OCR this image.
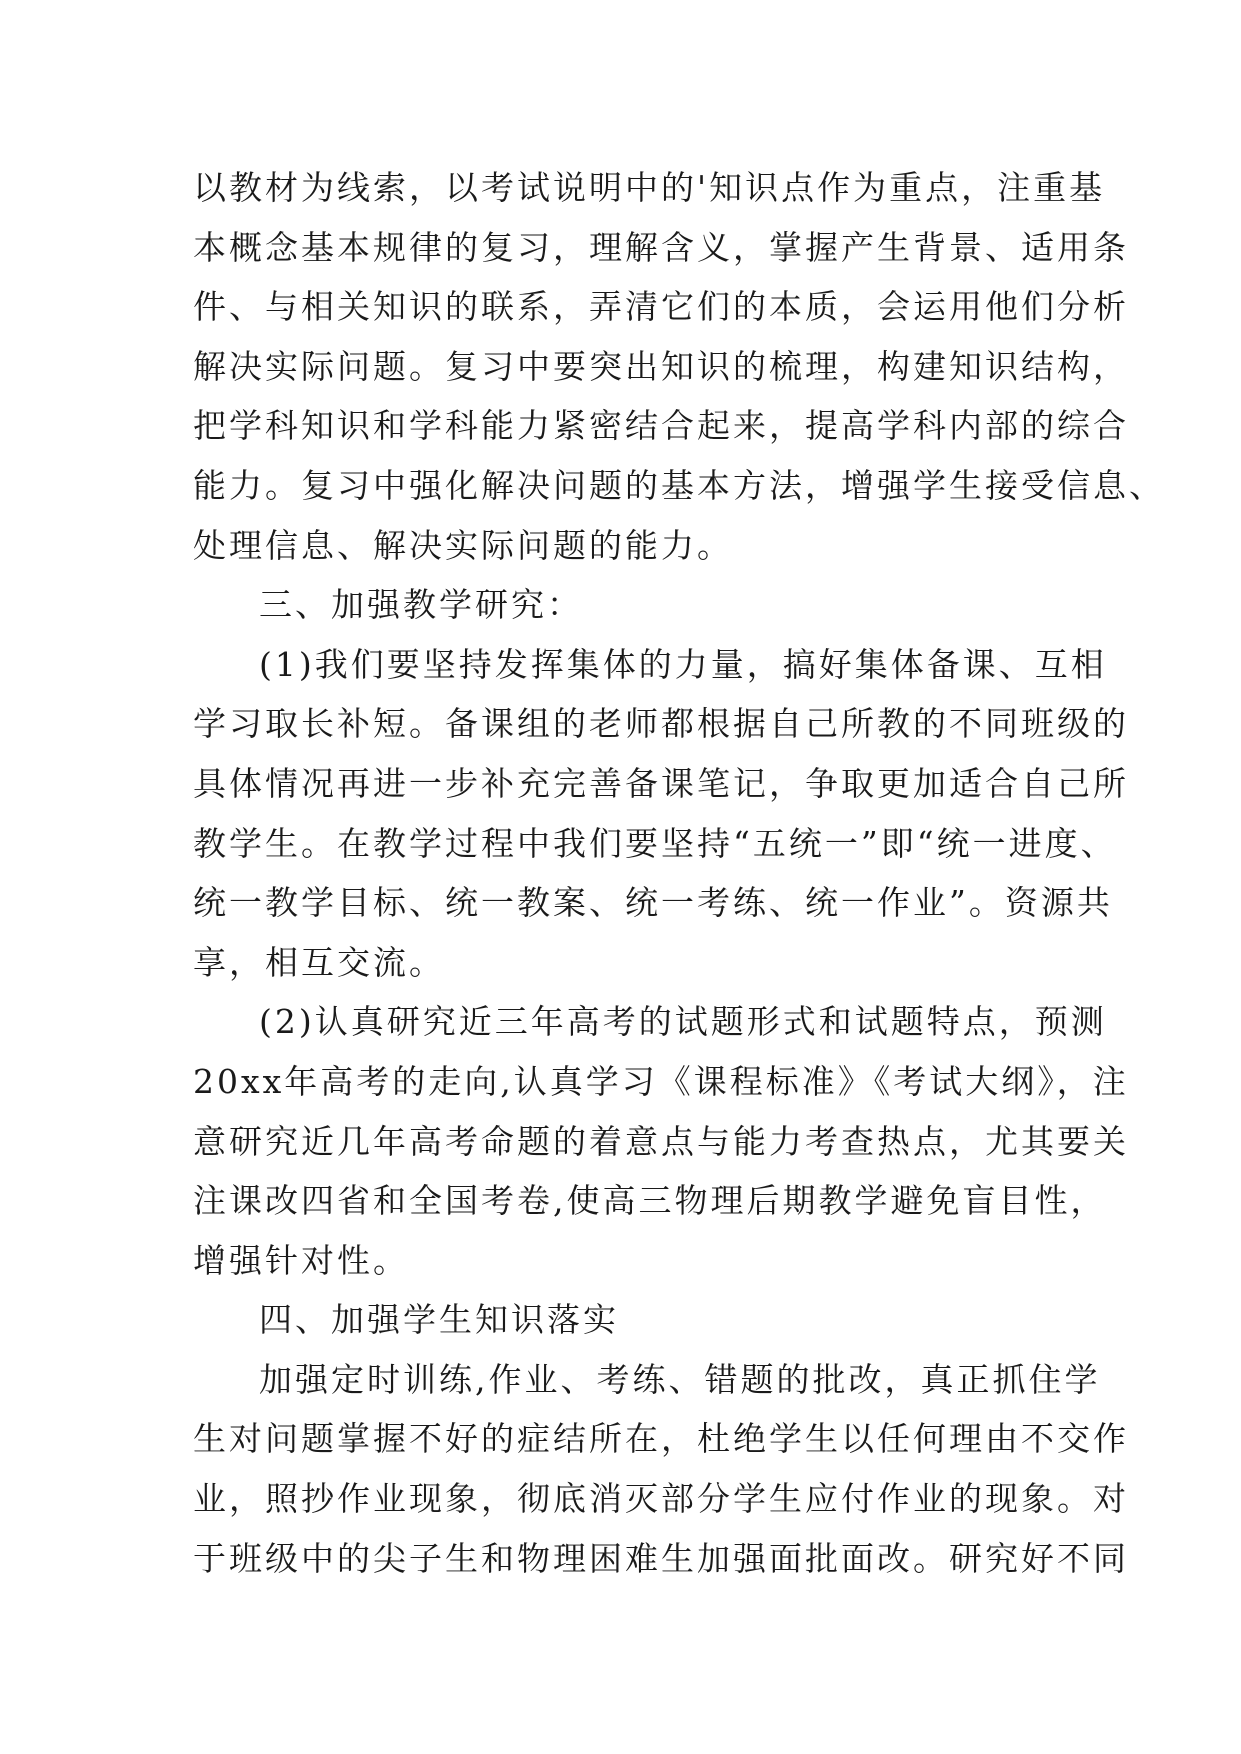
以教材为线索，以考试说明中的'知识点作为重点，注重基
本概念基本规律的复习，理解含义，掌握产生背景、适用条
件、与相关知识的联系，弄清它们的本质，会运用他们分析
解决实际问题。复习中要突出知识的梳理，构建知识结构，
把学科知识和学科能力紧密结合起来，提高学科内部的综合
能力。复习中强化解决问题的基本方法，增强学生接受信息、
处理信息、解决实际问题的能力。
三、加强教学研究：
(1)我们要坚持发挥集体的力量，搞好集体备课、互相
学习取长补短。备课组的老师都根据自己所教的不同班级的
具体情况再进一步补充完善备课笔记，争取更加适合自己所
教学生。在教学过程中我们要坚持“五统一”即“统一进度、
统一教学目标、统一教案、统一考练、统一作业”。资源共
享，相互交流。
(2)认真研究近三年高考的试题形式和试题特点，预测
20xx年高考的走向,认真学习《课程标准》《考试大纲》，注
意研究近几年高考命题的着意点与能力考查热点，尤其要关
注课改四省和全国考卷,使高三物理后期教学避免盲目性，
增强针对性。
四、加强学生知识落实
加强定时训练,作业、考练、错题的批改，真正抓住学
生对问题掌握不好的症结所在，杜绝学生以任何理由不交作
业，照抄作业现象，彻底消灭部分学生应付作业的现象。对
于班级中的尖子生和物理困难生加强面批面改。研究好不同
